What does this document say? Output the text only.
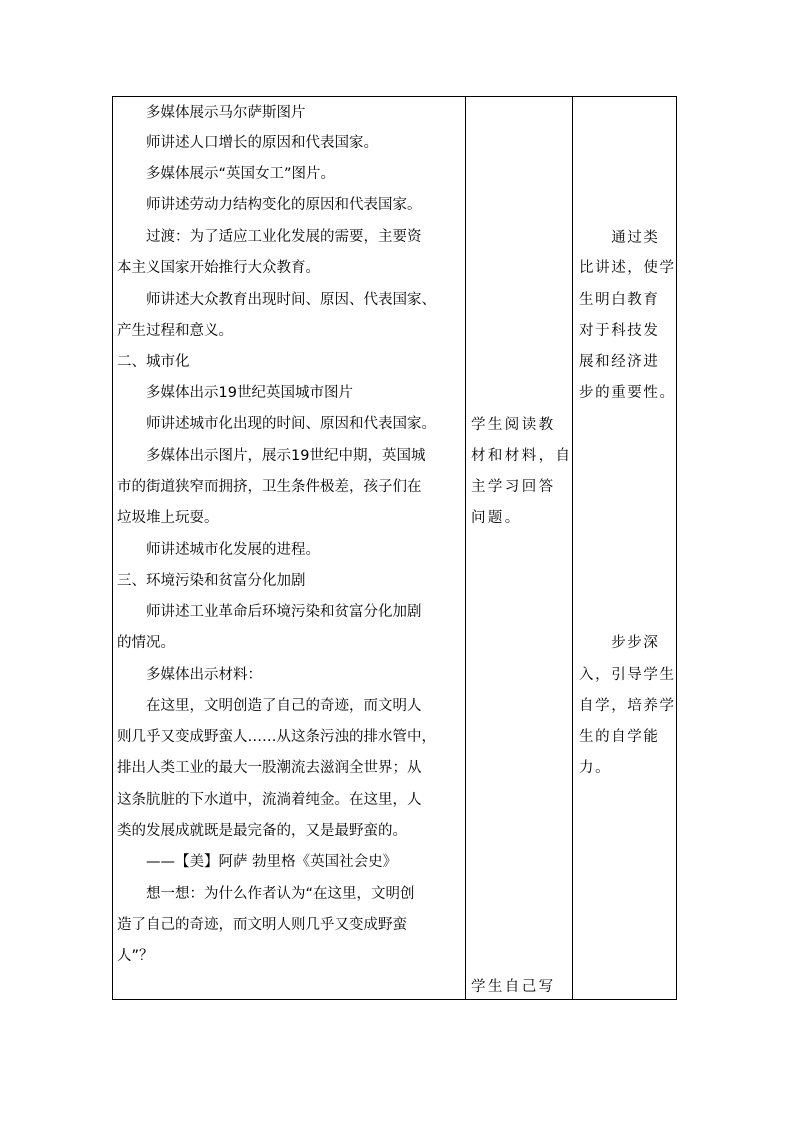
　　多媒体展示马尔萨斯图片
　　师讲述人口增长的原因和代表国家。
　　多媒体展示“英国女工”图片。
　　师讲述劳动力结构变化的原因和代表国家。
　　过渡：为了适应工业化发展的需要，主要资
本主义国家开始推行大众教育。
　　师讲述大众教育出现时间、原因、代表国家、
产生过程和意义。
二、城市化
　　多媒体出示19世纪英国城市图片
　　师讲述城市化出现的时间、原因和代表国家。
　　多媒体出示图片，展示19世纪中期，英国城
市的街道狭窄而拥挤，卫生条件极差，孩子们在
垃圾堆上玩耍。
　　师讲述城市化发展的进程。
三、环境污染和贫富分化加剧
　　师讲述工业革命后环境污染和贫富分化加剧
的情况。
　　多媒体出示材料：
　　在这里，文明创造了自己的奇迹，而文明人
则几乎又变成野蛮人……从这条污浊的排水管中，
排出人类工业的最大一股潮流去滋润全世界；从
这条肮脏的下水道中，流淌着纯金。在这里，人
类的发展成就既是最完备的，又是最野蛮的。
　　——【美】阿萨 勃里格《英国社会史》
　　想一想：为什么作者认为“在这里，文明创
造了自己的奇迹，而文明人则几乎又变成野蛮
人”？
学生阅读教
材和材料，自
主学习回答
问题。
学生自己写
　　通过类
比讲述，使学
生明白教育
对于科技发
展和经济进
步的重要性。
　　步步深
入，引导学生
自学，培养学
生的自学能
力。
